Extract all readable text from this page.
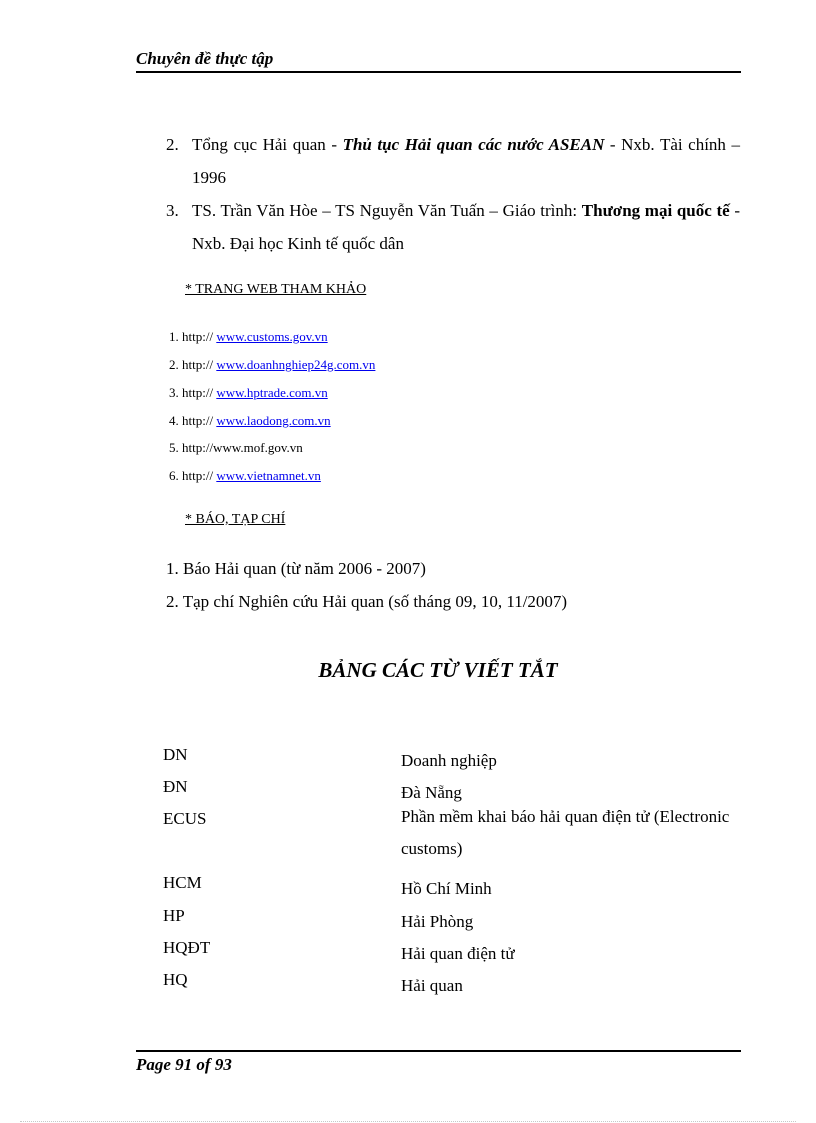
Chuyên đề thực tập
2. Tổng cục Hải quan - Thủ tục Hải quan các nước ASEAN - Nxb. Tài chính – 1996
3. TS. Trần Văn Hòe – TS Nguyễn Văn Tuấn – Giáo trình: Thương mại quốc tế - Nxb. Đại học Kinh tế quốc dân
* TRANG WEB THAM KHẢO
1. http:// www.customs.gov.vn
2. http:// www.doanhnghiep24g.com.vn
3. http:// www.hptrade.com.vn
4. http:// www.laodong.com.vn
5. http://www.mof.gov.vn
6. http:// www.vietnamnet.vn
* BÁO, TẠP CHÍ
1. Báo Hải quan (từ năm 2006 - 2007)
2. Tạp chí Nghiên cứu Hải quan (số tháng 09, 10, 11/2007)
BẢNG CÁC TỪ VIẾT TẮT
DN	Doanh nghiệp
ĐN	Đà Nẵng
ECUS	Phần mềm khai báo hải quan điện tử (Electronic customs)
HCM	Hồ Chí Minh
HP	Hải Phòng
HQĐT	Hải quan điện tử
HQ	Hải quan
Page 91 of 93
